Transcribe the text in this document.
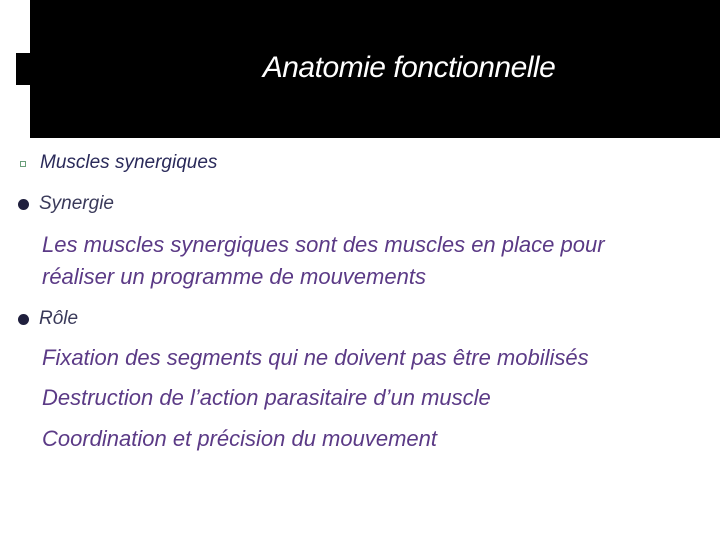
Anatomie fonctionnelle
Muscles synergiques
Synergie
Les muscles synergiques sont des muscles en place pour
réaliser un programme de mouvements
Rôle
Fixation des segments qui ne doivent pas être mobilisés
Destruction de l’action parasitaire d’un muscle
Coordination et précision du mouvement
